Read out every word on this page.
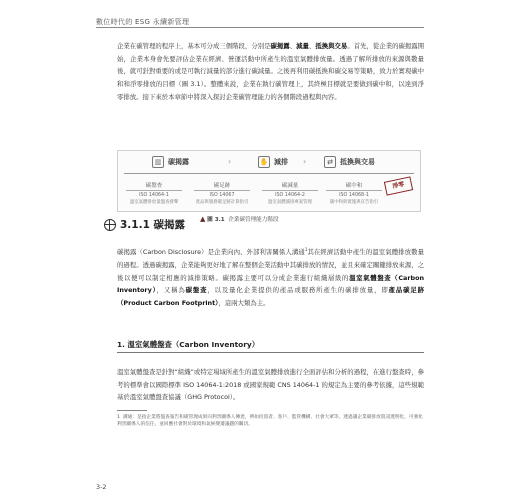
數位時代的 ESG 永續新管理

企業在碳管理的程序上，基本可分成三個階段，分別是碳揭露、減量、抵換與交易。首先，從企業的碳揭露開始，企業本身會先要評估企業在經濟、營運活動中所產生的溫室氣體排放量。透過了解所排放的來源與數量後，就可針對重要的或是可執行減量的部分進行碳減量。之後再利用碳抵換和碳交易等策略，致力於實現碳中和和淨零排放的目標（圖 3.1）。整體來說，企業在執行碳管理上，其終極目標就是要做到碳中和，以達到淨零排放。接下來於本章節中將深入探討企業碳管理能力的各個階段過程與內容。

▥ 碳揭露	›	✋ 減排 ›	⇄	抵換與交易
碳盤查
ISO 14064-1
溫室氣體排放量盤查發聲
碳足跡
ISO 14067
產品與服務碳足跡計算指引
碳減量
ISO 14064-2
溫室氣體減排專案管理
碳中和
ISO 14068-1
碳中和與實施與宣告指引
淨零
▲ 圖 3.1 企業碳管理能力階段
3.1.1 碳揭露

碳揭露（Carbon Disclosure）是企業向內、外部利害關係人溝通$^1$其在經濟活動中產生的溫室氣體排放數量的過程。透過碳揭露，企業能夠更好地了解在整個企業活動中其碳排放的情況，並且來確定關鍵排放來源，之後以便可以制定相應的減排策略。碳揭露主要可以分成企業進行組織層級的溫室氣體盤查（Carbon Inventory），又稱為碳盤查，以及量化企業提供的產品或服務所產生的碳排放量，即產品碳足跡（Product Carbon Footprint），這兩大類為主。

1. 溫室氣體盤查（Carbon Inventory）

溫室氣體盤查是針對“組織”或特定場域所產生的溫室氣體排放進行全面評估和分析的過程，在進行盤查時，參考的標準會以國際標準 ISO 14064-1:2018 或國家規範 CNS 14064-1 的規定為主要的參考依據，這些規範基於溫室氣體盤查協議（GHG Protocol）。

1 溝通：是指企業將盤查報告和碳管理成果向利害關係人傳達，例如投資者、客戶、監管機構、社會大眾等。透過讓企業碳排放資訊透明化，可強化利害關係人的信任，並回應社會對於環境和氣候變遷議題的關切。
3-2
